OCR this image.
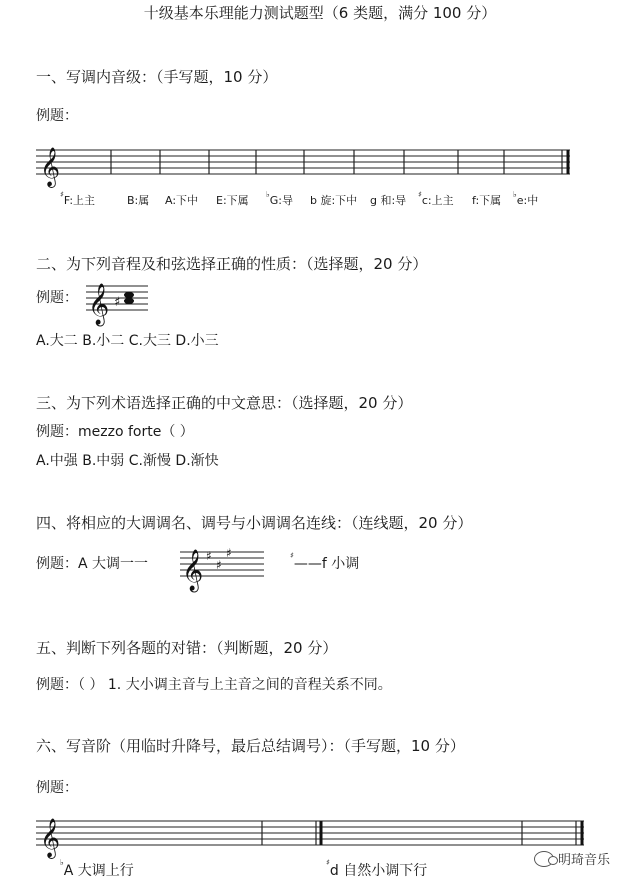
十级基本乐理能力测试题型（6 类题，满分 100 分）
一、写调内音级：（手写题，10 分）
例题：
𝄞
♯F:上主	B:属 A:下中 E:下属 ♭G:导 b 旋:下中 g 和:导 ♯c:上主 f:下属 ♭e:中
二、为下列音程及和弦选择正确的性质：（选择题，20 分）
例题： 𝄞 ♯
A.大二 B.小二 C.大三 D.小三
三、为下列术语选择正确的中文意思：（选择题，20 分）
例题：mezzo forte（ ）
A.中强 B.中弱 C.渐慢 D.渐快
四、将相应的大调调名、调号与小调调名连线：（连线题，20 分）
例题：A 大调一一 𝄞 ♯
♯
♯	♯——f 小调
五、判断下列各题的对错：（判断题，20 分）
例题：（ ） 1. 大小调主音与上主音之间的音程关系不同。
六、写音阶（用临时升降号，最后总结调号）：（手写题，10 分）
例题：
𝄞
♭A 大调上行
♯d 自然小调下行
明琦音乐
